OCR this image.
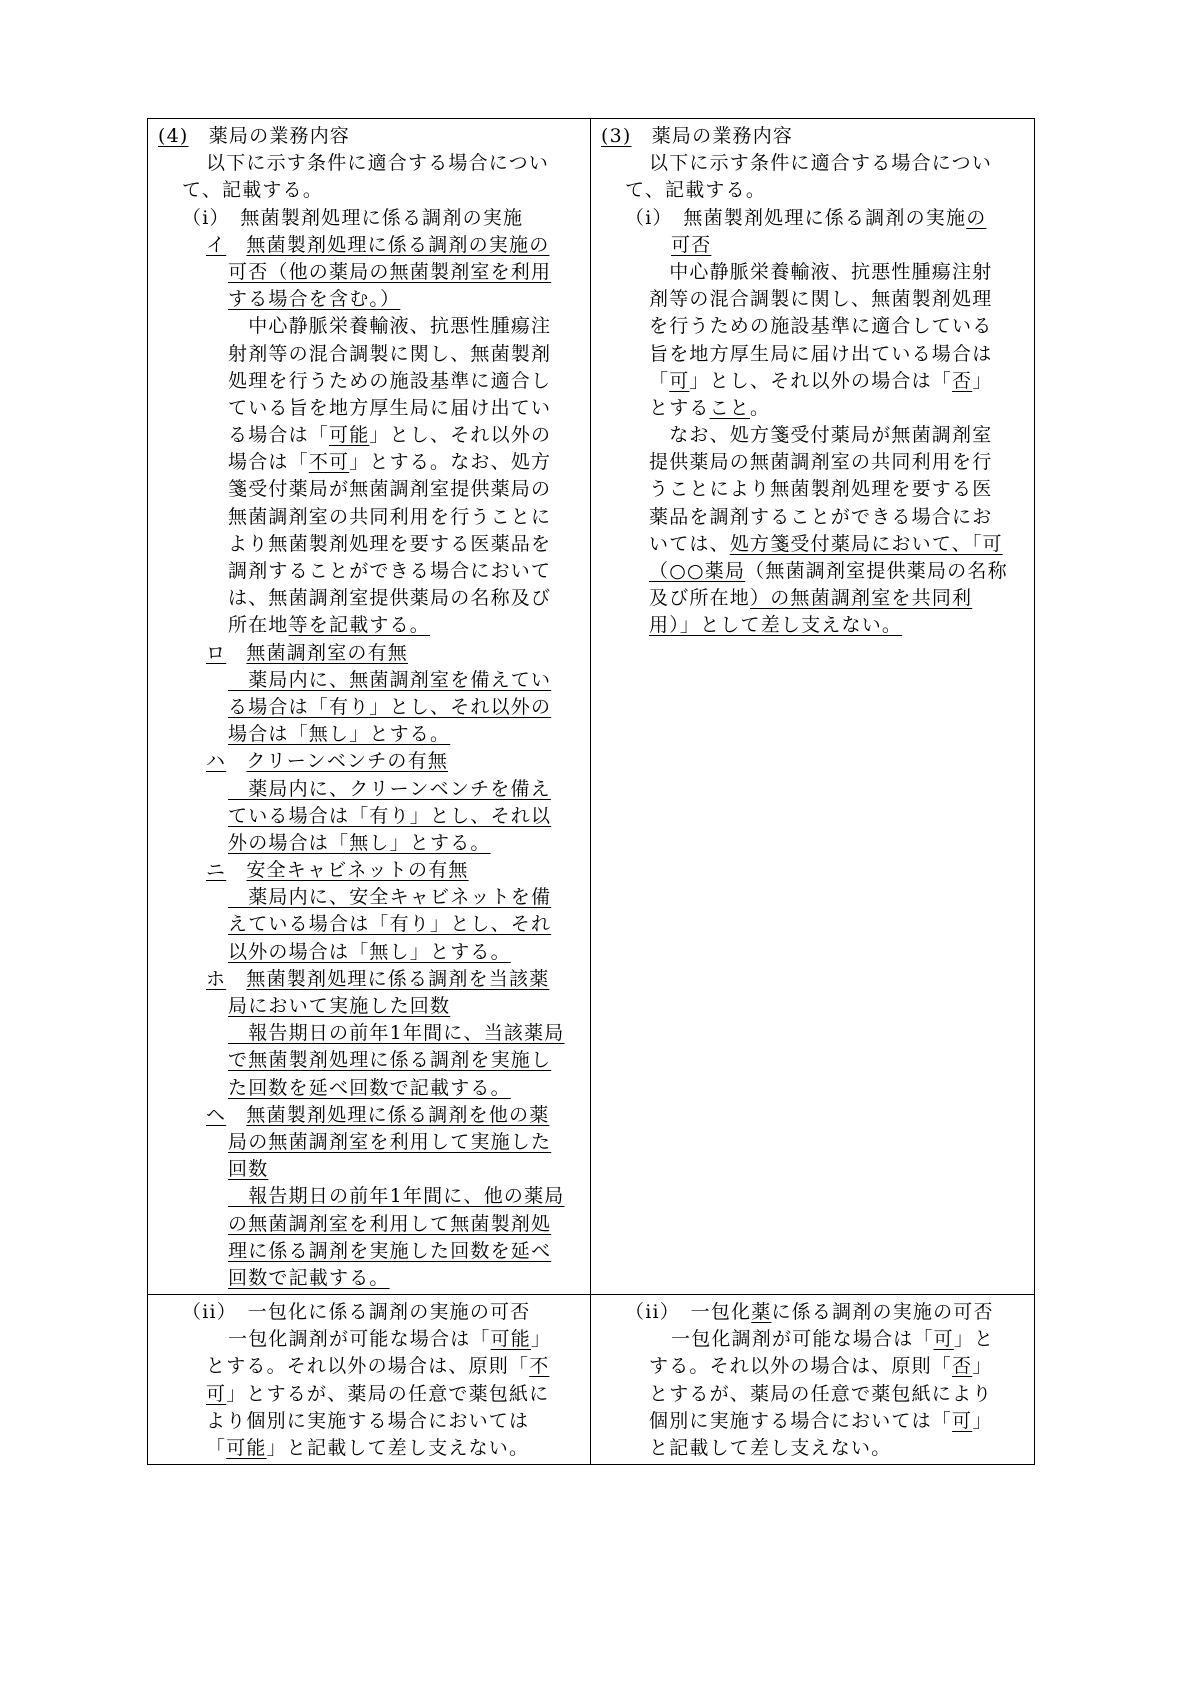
(4)　薬局の業務内容
以下に示す条件に適合する場合につい
て、記載する。
（i）　無菌製剤処理に係る調剤の実施
イ　 無菌製剤処理に係る調剤の実施の
可否（他の薬局の無菌製剤室を利用
する場合を含む。）
　中心静脈栄養輸液、抗悪性腫瘍注
射剤等の混合調製に関し、無菌製剤
処理を行うための施設基準に適合し
ている旨を地方厚生局に届け出てい
る場合は「可能」とし、それ以外の
場合は「不可」とする。なお、処方
箋受付薬局が無菌調剤室提供薬局の
無菌調剤室の共同利用を行うことに
より無菌製剤処理を要する医薬品を
調剤することができる場合において
は、無菌調剤室提供薬局の名称及び
所在地等を記載する。
ロ　 無菌調剤室の有無
　薬局内に、無菌調剤室を備えてい
る場合は「有り」とし、それ以外の
場合は「無し」とする。
ハ　 クリーンベンチの有無
　薬局内に、クリーンベンチを備え
ている場合は「有り」とし、それ以
外の場合は「無し」とする。
ニ　 安全キャビネットの有無
　薬局内に、安全キャビネットを備
えている場合は「有り」とし、それ
以外の場合は「無し」とする。
ホ　 無菌製剤処理に係る調剤を当該薬
局において実施した回数
　報告期日の前年1年間に、当該薬局
で無菌製剤処理に係る調剤を実施し
た回数を延べ回数で記載する。
ヘ　 無菌製剤処理に係る調剤を他の薬
局の無菌調剤室を利用して実施した
回数
　報告期日の前年1年間に、他の薬局
の無菌調剤室を利用して無菌製剤処
理に係る調剤を実施した回数を延べ
回数で記載する。
(3)　薬局の業務内容
以下に示す条件に適合する場合につい
て、記載する。
（i）　無菌製剤処理に係る調剤の実施の
可否
　中心静脈栄養輸液、抗悪性腫瘍注射
剤等の混合調製に関し、無菌製剤処理
を行うための施設基準に適合している
旨を地方厚生局に届け出ている場合は
「可」とし、それ以外の場合は「否」
とすること。
　なお、処方箋受付薬局が無菌調剤室
提供薬局の無菌調剤室の共同利用を行
うことにより無菌製剤処理を要する医
薬品を調剤することができる場合にお
いては、処方箋受付薬局において、「可
（○○薬局（無菌調剤室提供薬局の名称
及び所在地）の無菌調剤室を共同利
用）」として差し支えない。
（ii）　一包化に係る調剤の実施の可否
一包化調剤が可能な場合は「可能」
とする。それ以外の場合は、原則「不
可」とするが、薬局の任意で薬包紙に
より個別に実施する場合においては
「可能」と記載して差し支えない。
（ii）　一包化薬に係る調剤の実施の可否
一包化調剤が可能な場合は「可」と
する。それ以外の場合は、原則「否」
とするが、薬局の任意で薬包紙により
個別に実施する場合においては「可」
と記載して差し支えない。
